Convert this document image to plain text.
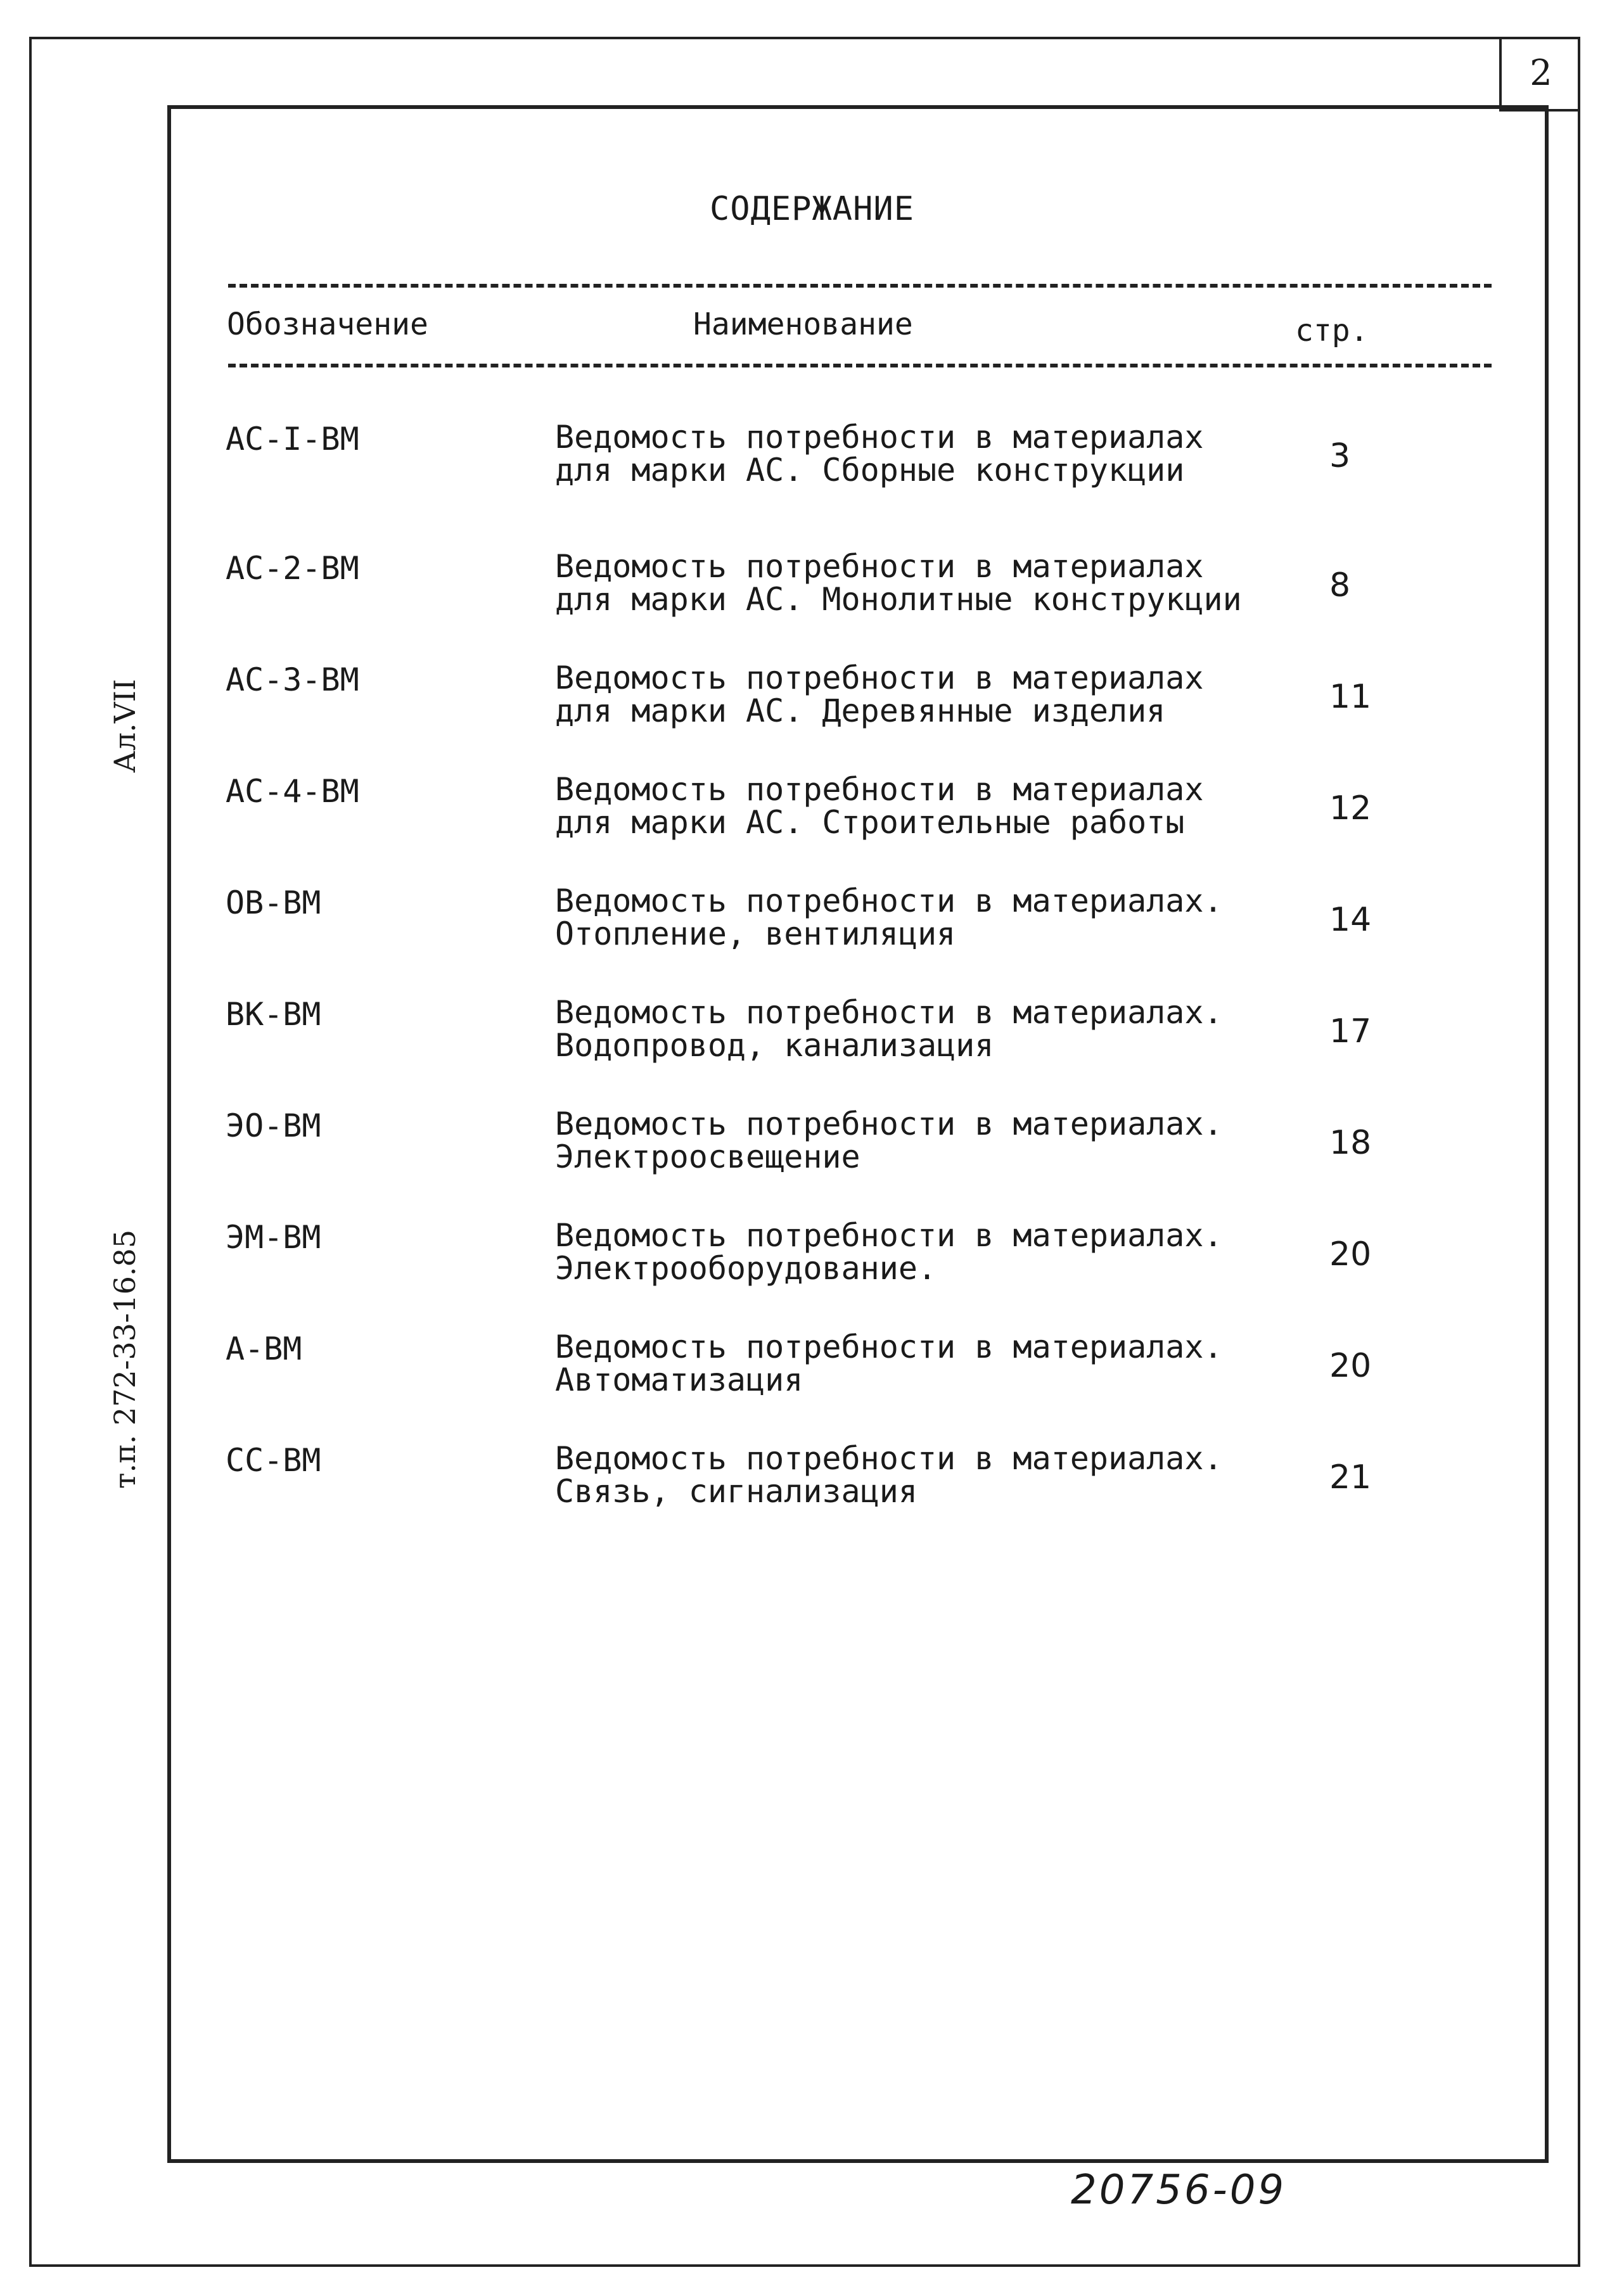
2
Ал.VII
т.п. 272-33-16.85
СОДЕРЖАНИЕ
Обозначение	Наименование	стр.
АС-I-ВМ	Ведомость потребности в материалах
для марки АС. Сборные конструкции	3
АС-2-ВМ	Ведомость потребности в материалах
для марки АС. Монолитные конструкции	8
АС-3-ВМ	Ведомость потребности в материалах
для марки АС. Деревянные изделия	11
АС-4-ВМ	Ведомость потребности в материалах
для марки АС. Строительные работы	12
ОВ-ВМ	Ведомость потребности в материалах.
Отопление, вентиляция	14
ВК-ВМ	Ведомость потребности в материалах.
Водопровод, канализация	17
ЭО-ВМ	Ведомость потребности в материалах.
Электроосвещение	18
ЭМ-ВМ	Ведомость потребности в материалах.
Электрооборудование.	20
А-ВМ	Ведомость потребности в материалах.
Автоматизация	20
СС-ВМ	Ведомость потребности в материалах.
Связь, сигнализация	21
20756-09
